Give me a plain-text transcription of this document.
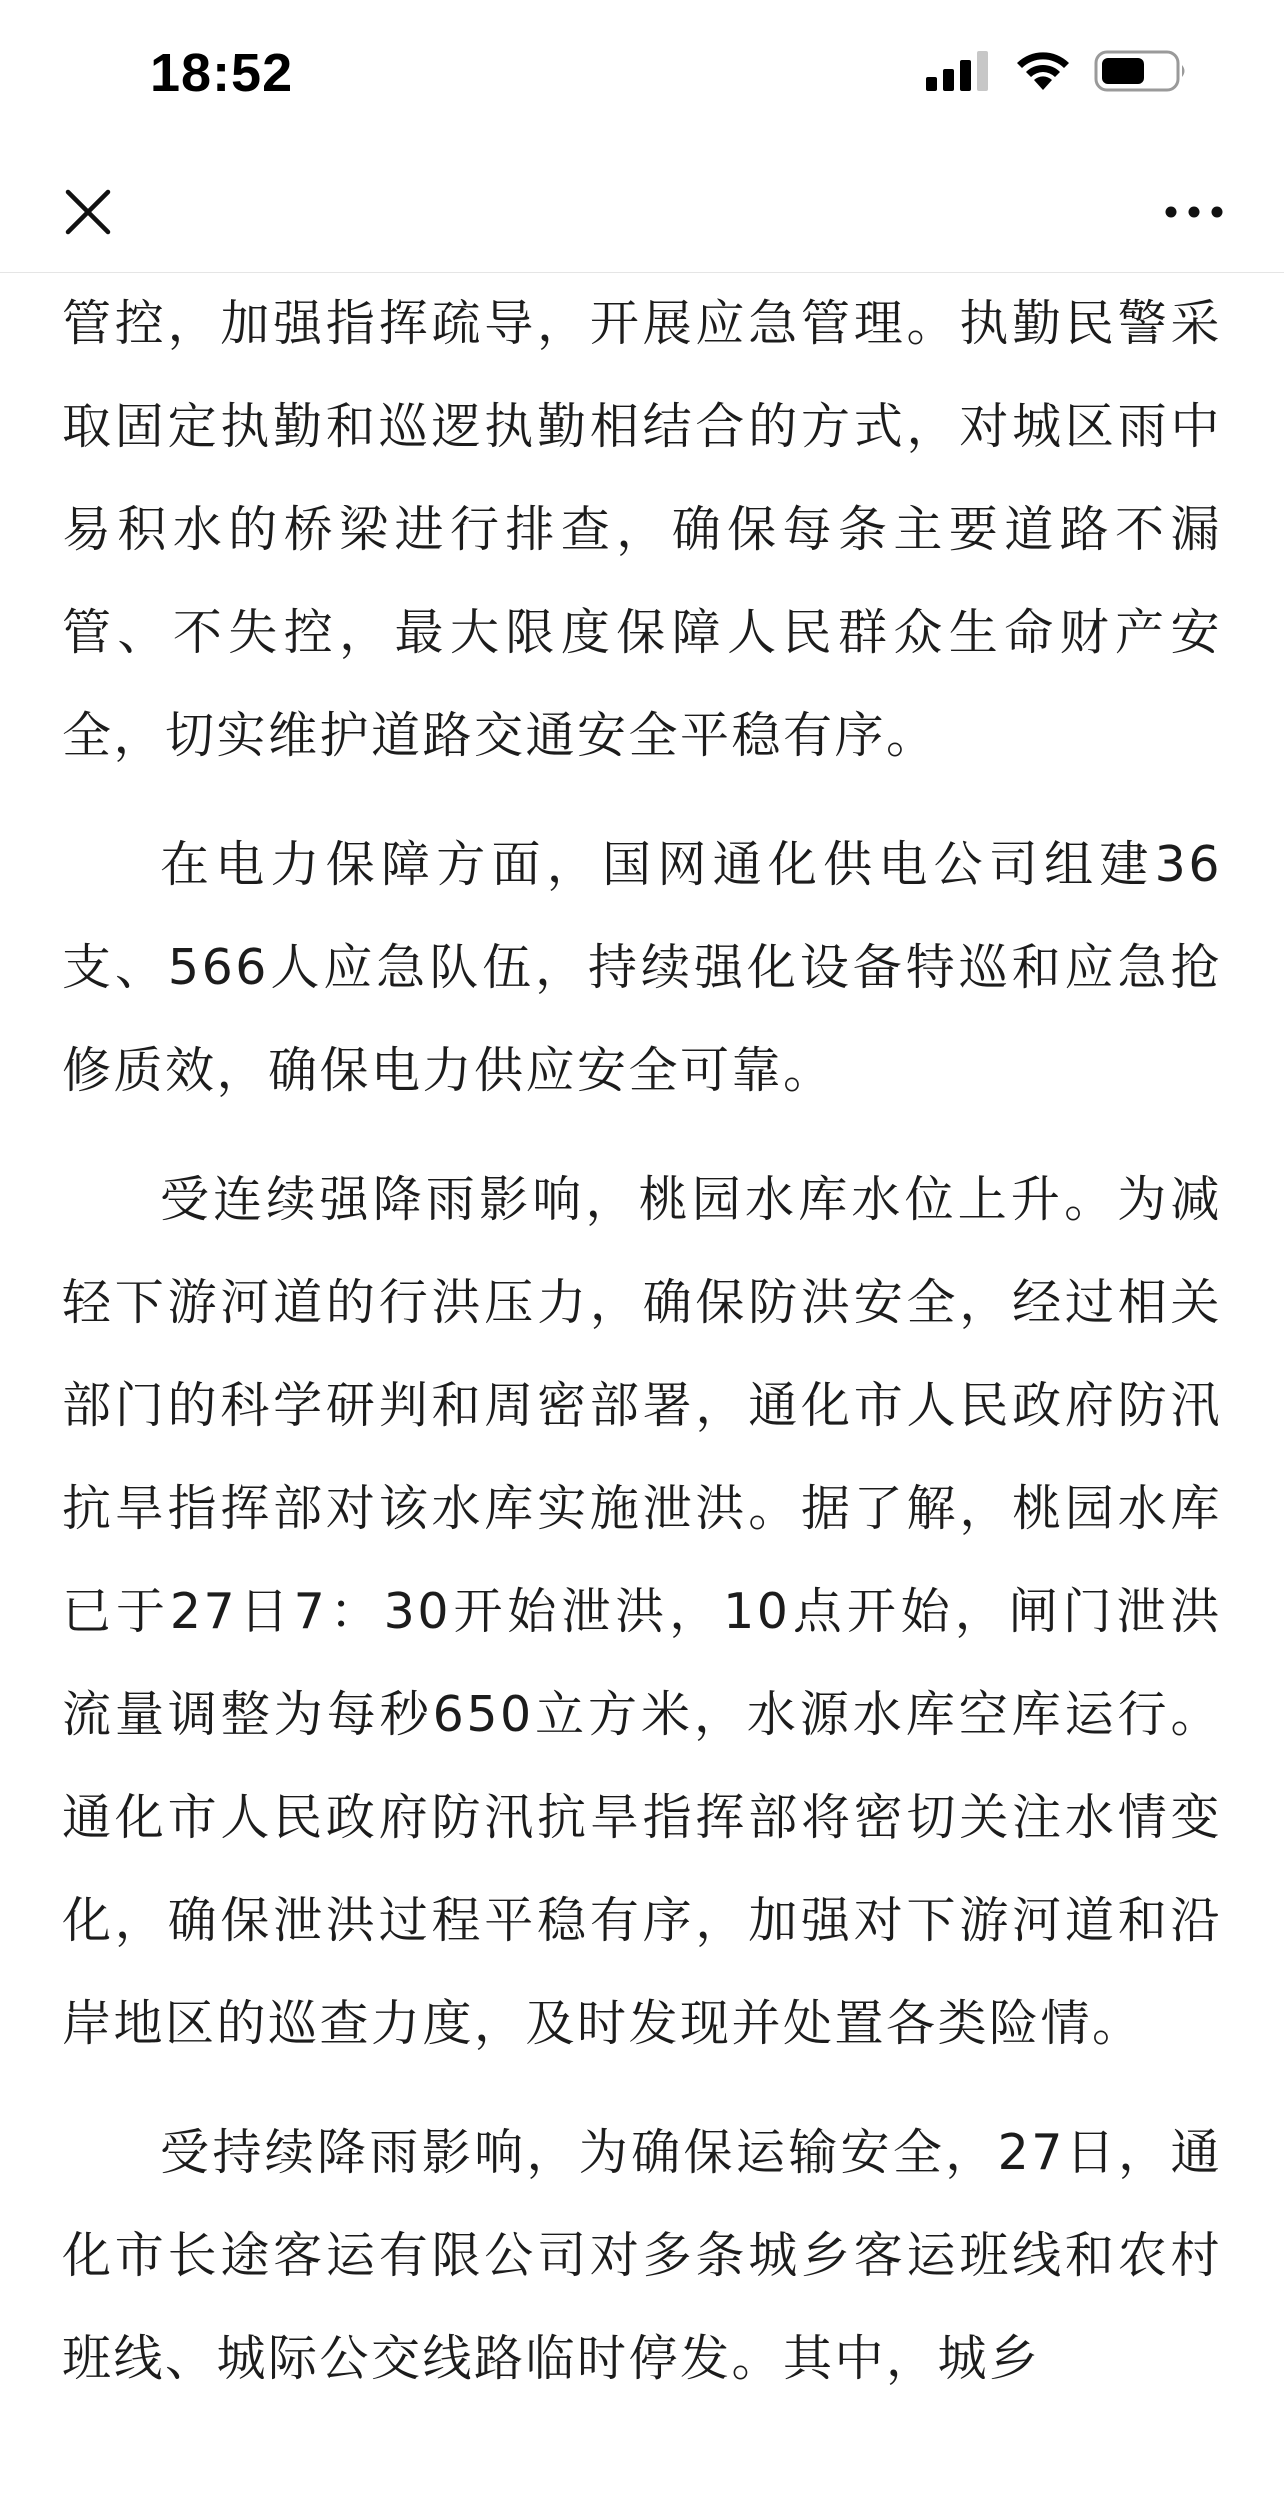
18:52

管控，加强指挥疏导，开展应急管理。执勤民警采取固定执勤和巡逻执勤相结合的方式，对城区雨中易积水的桥梁进行排查，确保每条主要道路不漏管、不失控，最大限度保障人民群众生命财产安全，切实维护道路交通安全平稳有序。

在电力保障方面，国网通化供电公司组建36支、566人应急队伍，持续强化设备特巡和应急抢修质效，确保电力供应安全可靠。

受连续强降雨影响，桃园水库水位上升。为减轻下游河道的行洪压力，确保防洪安全，经过相关部门的科学研判和周密部署，通化市人民政府防汛抗旱指挥部对该水库实施泄洪。据了解，桃园水库已于27日7：30开始泄洪，10点开始，闸门泄洪流量调整为每秒650立方米，水源水库空库运行。通化市人民政府防汛抗旱指挥部将密切关注水情变化，确保泄洪过程平稳有序，加强对下游河道和沿岸地区的巡查力度，及时发现并处置各类险情。

受持续降雨影响，为确保运输安全，27日，通化市长途客运有限公司对多条城乡客运班线和农村班线、城际公交线路临时停发。其中，城乡
